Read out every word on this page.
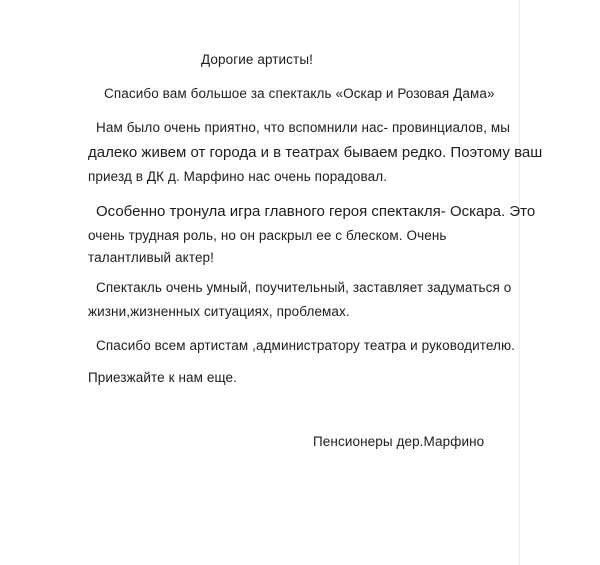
Дорогие артисты!
Спасибо вам большое за спектакль «Оскар и Розовая Дама»
Нам было очень приятно, что вспомнили нас- провинциалов, мы
далеко живем от города и в театрах бываем редко. Поэтому ваш
приезд в ДК д. Марфино нас очень порадовал.
Особенно тронула игра главного героя спектакля- Оскара. Это
очень трудная роль, но он раскрыл ее с блеском. Очень
талантливый актер!
Спектакль очень умный, поучительный, заставляет задуматься о
жизни,жизненных ситуациях, проблемах.
Спасибо всем артистам ,администратору театра и руководителю.
Приезжайте к нам еще.
Пенсионеры дер.Марфино
